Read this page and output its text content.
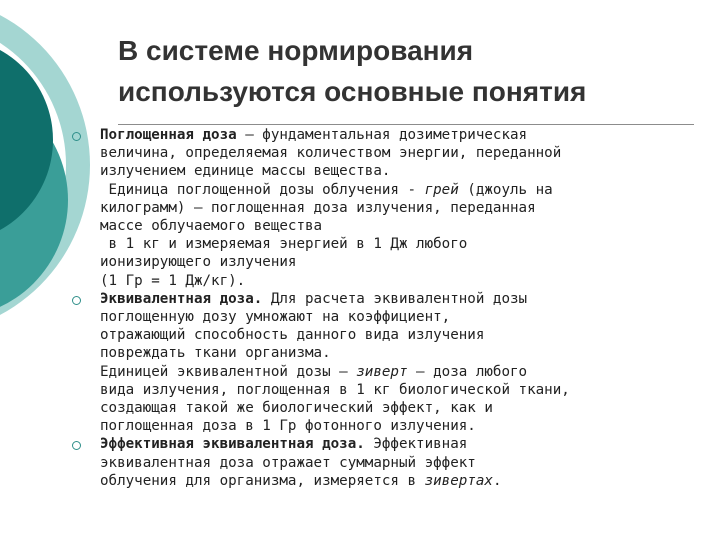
В системе нормирования
используются основные понятия
Поглощенная доза — фундаментальная дозиметрическая
величина, определяемая количеством энергии, переданной
излучением единице массы вещества.
Единица поглощенной дозы облучения - грей (джоуль на
килограмм) — поглощенная доза излучения, переданная
массе облучаемого вещества
в 1 кг и измеряемая энергией в 1 Дж любого
ионизирующего излучения
(1 Гр = 1 Дж/кг).
Эквивалентная доза. Для расчета эквивалентной дозы
поглощенную дозу умножают на коэффициент,
отражающий способность данного вида излучения
повреждать ткани организма.
Единицей эквивалентной дозы — зиверт — доза любого
вида излучения, поглощенная в 1 кг биологической ткани,
создающая такой же биологический эффект, как и
поглощенная доза в 1 Гр фотонного излучения.
Эффективная эквивалентная доза. Эффективная
эквивалентная доза отражает суммарный эффект
облучения для организма, измеряется в зивертах.
